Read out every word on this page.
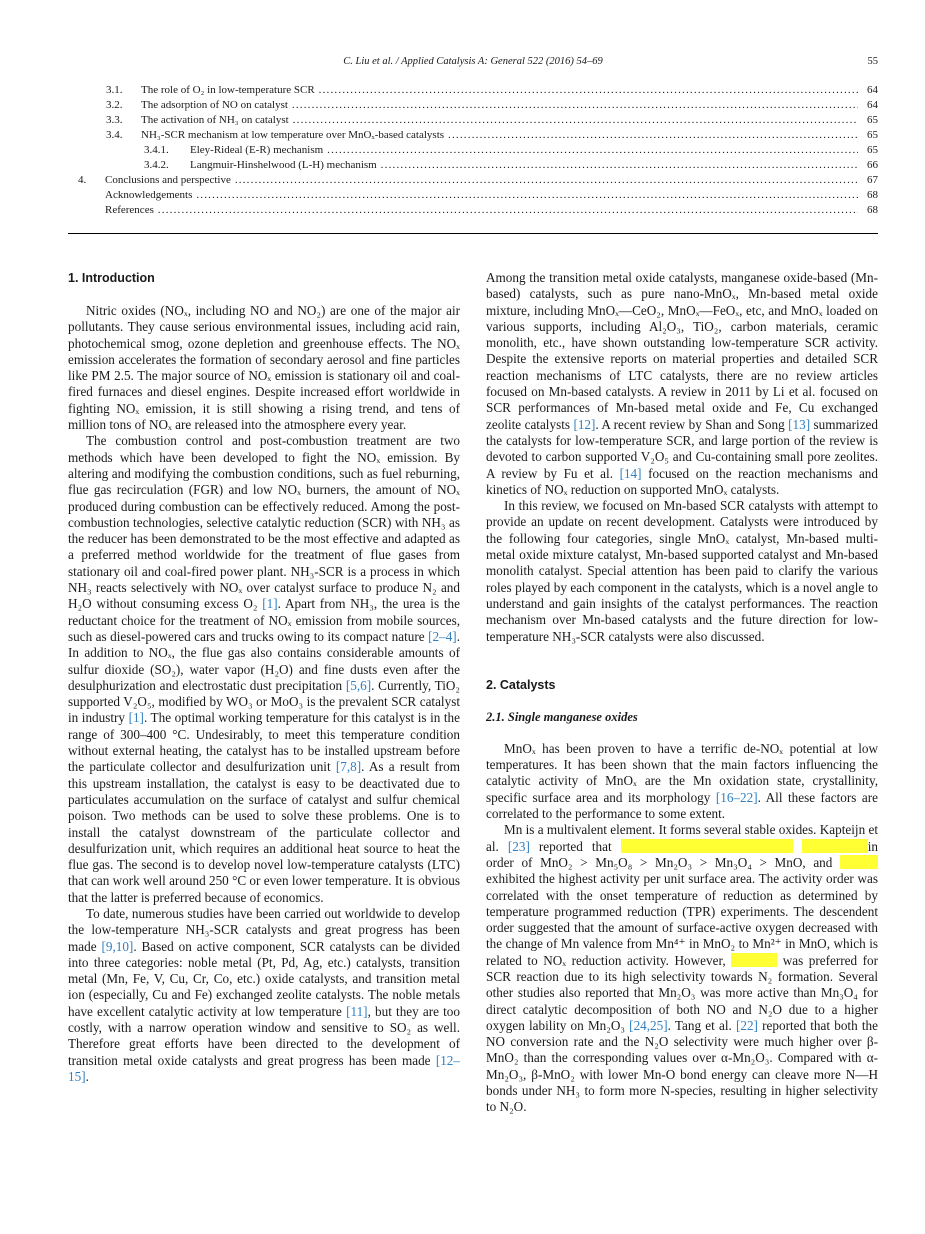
C. Liu et al. / Applied Catalysis A: General 522 (2016) 54–69	55
3.1. The role of O₂ in low-temperature SCR .....	64
3.2. The adsorption of NO on catalyst .....	64
3.3. The activation of NH₃ on catalyst .....	65
3.4. NH₃-SCR mechanism at low temperature over MnOₓ-based catalysts .....	65
3.4.1. Eley-Rideal (E-R) mechanism .....	65
3.4.2. Langmuir-Hinshelwood (L-H) mechanism .....	66
4. Conclusions and perspective .....	67
Acknowledgements .....	68
References .....	68
1. Introduction

Nitric oxides (NOₓ, including NO and NO₂) are one of the major air pollutants. They cause serious environmental issues, including acid rain, photochemical smog, ozone depletion and greenhouse effects. The NOₓ emission accelerates the formation of secondary aerosol and fine particles like PM 2.5. The major source of NOₓ emission is stationary oil and coal-fired furnaces and diesel engines. Despite increased effort worldwide in fighting NOₓ emission, it is still showing a rising trend, and tens of million tons of NOₓ are released into the atmosphere every year.

The combustion control and post-combustion treatment are two methods which have been developed to fight the NOₓ emission. By altering and modifying the combustion conditions, such as fuel reburning, flue gas recirculation (FGR) and low NOₓ burners, the amount of NOₓ produced during combustion can be effectively reduced. Among the post-combustion technologies, selective catalytic reduction (SCR) with NH₃ as the reducer has been demonstrated to be the most effective and adapted as a preferred method worldwide for the treatment of flue gases from stationary oil and coal-fired power plant. NH₃-SCR is a process in which NH₃ reacts selectively with NOₓ over catalyst surface to produce N₂ and H₂O without consuming excess O₂ [1]. Apart from NH₃, the urea is the reductant choice for the treatment of NOₓ emission from mobile sources, such as diesel-powered cars and trucks owing to its compact nature [2–4]. In addition to NOₓ, the flue gas also contains considerable amounts of sulfur dioxide (SO₂), water vapor (H₂O) and fine dusts even after the desulphurization and electrostatic dust precipitation [5,6]. Currently, TiO₂ supported V₂O₅, modified by WO₃ or MoO₃ is the prevalent SCR catalyst in industry [1]. The optimal working temperature for this catalyst is in the range of 300–400 °C. Undesirably, to meet this temperature condition without external heating, the catalyst has to be installed upstream before the particulate collector and desulfurization unit [7,8]. As a result from this upstream installation, the catalyst is easy to be deactivated due to particulates accumulation on the surface of catalyst and sulfur chemical poison. Two methods can be used to solve these problems. One is to install the catalyst downstream of the particulate collector and desulfurization unit, which requires an additional heat source to heat the flue gas. The second is to develop novel low-temperature catalysts (LTC) that can work well around 250 °C or even lower temperature. It is obvious that the latter is preferred because of economics.

To date, numerous studies have been carried out worldwide to develop the low-temperature NH₃-SCR catalysts and great progress has been made [9,10]. Based on active component, SCR catalysts can be divided into three categories: noble metal (Pt, Pd, Ag, etc.) catalysts, transition metal (Mn, Fe, V, Cu, Cr, Co, etc.) oxide catalysts, and transition metal ion (especially, Cu and Fe) exchanged zeolite catalysts. The noble metals have excellent catalytic activity at low temperature [11], but they are too costly, with a narrow operation window and sensitive to SO₂ as well. Therefore great efforts have been directed to the development of transition metal oxide catalysts and great progress has been made [12–15].

Among the transition metal oxide catalysts, manganese oxide-based (Mn-based) catalysts, such as pure nano-MnOₓ, Mn-based metal oxide mixture, including MnOₓ—CeO₂, MnOₓ—FeOₓ, etc, and MnOₓ loaded on various supports, including Al₂O₃, TiO₂, carbon materials, ceramic monolith, etc., have shown outstanding low-temperature SCR activity. Despite the extensive reports on material properties and detailed SCR reaction mechanisms of LTC catalysts, there are no review articles focused on Mn-based catalysts. A review in 2011 by Li et al. focused on SCR performances of Mn-based metal oxide and Fe, Cu exchanged zeolite catalysts [12]. A recent review by Shan and Song [13] summarized the catalysts for low-temperature SCR, and large portion of the review is devoted to carbon supported V₂O₅ and Cu-containing small pore zeolites. A review by Fu et al. [14] focused on the reaction mechanisms and kinetics of NOₓ reduction on supported MnOₓ catalysts.

In this review, we focused on Mn-based SCR catalysts with attempt to provide an update on recent development. Catalysts were introduced by the following four categories, single MnOₓ catalyst, Mn-based multi-metal oxide mixture catalyst, Mn-based supported catalyst and Mn-based monolith catalyst. Special attention has been paid to clarify the various roles played by each component in the catalysts, which is a novel angle to understand and gain insights of the catalyst performances. The reaction mechanism over Mn-based catalysts and the future direction for low-temperature NH₃-SCR catalysts were also discussed.

2. Catalysts
2.1. Single manganese oxides

MnOₓ has been proven to have a terrific de-NOₓ potential at low temperatures. It has been shown that the main factors influencing the catalytic activity of MnOₓ are the Mn oxidation state, crystallinity, specific surface area and its morphology [16–22]. All these factors are correlated to the performance to some extent.

Mn is a multivalent element. It forms several stable oxides. Kapteijn et al. [23] reported that	in order of MnO₂ > Mn₅O₈ > Mn₂O₃ > Mn₃O₄ > MnO, and  exhibited the highest activity per unit surface area. The activity order was correlated with the onset temperature of reduction as determined by temperature programmed reduction (TPR) experiments. The descendent order suggested that the amount of surface-active oxygen decreased with the change of Mn valence from Mn⁴⁺ in MnO₂ to Mn²⁺ in MnO, which is related to NOₓ reduction activity. However,	was preferred for SCR reaction due to its high selectivity towards N₂ formation. Several other studies also reported that Mn₂O₃ was more active than Mn₃O₄ for direct catalytic decomposition of both NO and N₂O due to a higher oxygen lability on Mn₂O₃ [24,25]. Tang et al. [22] reported that both the NO conversion rate and the N₂O selectivity were much higher over β-MnO₂ than the corresponding values over α-Mn₂O₃. Compared with α-Mn₂O₃, β-MnO₂ with lower Mn-O bond energy can cleave more N—H bonds under NH₃ to form more N-species, resulting in higher selectivity to N₂O.
